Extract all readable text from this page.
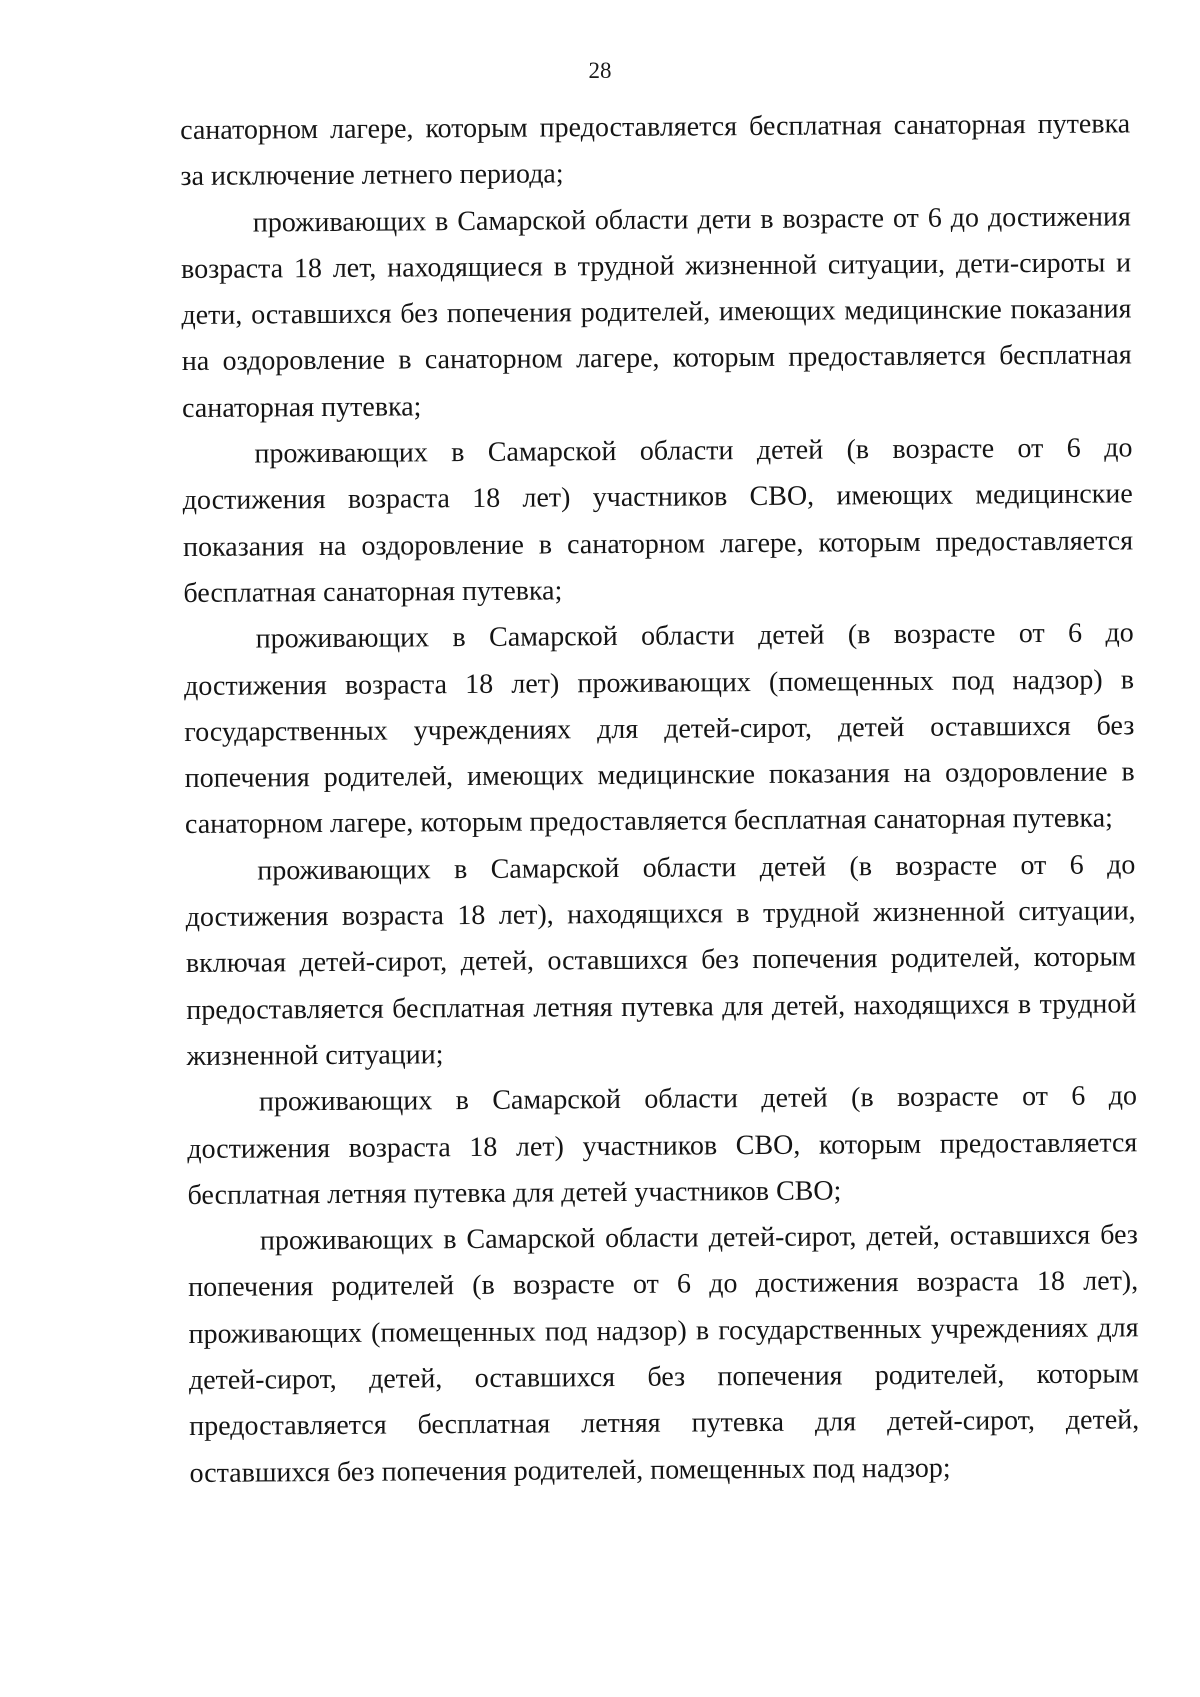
28

санаторном лагере, которым предоставляется бесплатная санаторная путевка за исключение летнего периода;

проживающих в Самарской области дети в возрасте от 6 до достижения возраста 18 лет, находящиеся в трудной жизненной ситуации, дети-сироты и дети, оставшихся без попечения родителей, имеющих медицинские показания на оздоровление в санаторном лагере, которым предоставляется бесплатная санаторная путевка;

проживающих в Самарской области детей (в возрасте от 6 до достижения возраста 18 лет) участников СВО, имеющих медицинские показания на оздоровление в санаторном лагере, которым предоставляется бесплатная санаторная путевка;

проживающих в Самарской области детей (в возрасте от 6 до достижения возраста 18 лет) проживающих (помещенных под надзор) в государственных учреждениях для детей-сирот, детей оставшихся без попечения родителей, имеющих медицинские показания на оздоровление в санаторном лагере, которым предоставляется бесплатная санаторная путевка;

проживающих в Самарской области детей (в возрасте от 6 до достижения возраста 18 лет), находящихся в трудной жизненной ситуации, включая детей-сирот, детей, оставшихся без попечения родителей, которым предоставляется бесплатная летняя путевка для детей, находящихся в трудной жизненной ситуации;

проживающих в Самарской области детей (в возрасте от 6 до достижения возраста 18 лет) участников СВО, которым предоставляется бесплатная летняя путевка для детей участников СВО;

проживающих в Самарской области детей-сирот, детей, оставшихся без попечения родителей (в возрасте от 6 до достижения возраста 18 лет), проживающих (помещенных под надзор) в государственных учреждениях для детей-сирот, детей, оставшихся без попечения родителей, которым предоставляется бесплатная летняя путевка для детей-сирот, детей, оставшихся без попечения родителей, помещенных под надзор;
